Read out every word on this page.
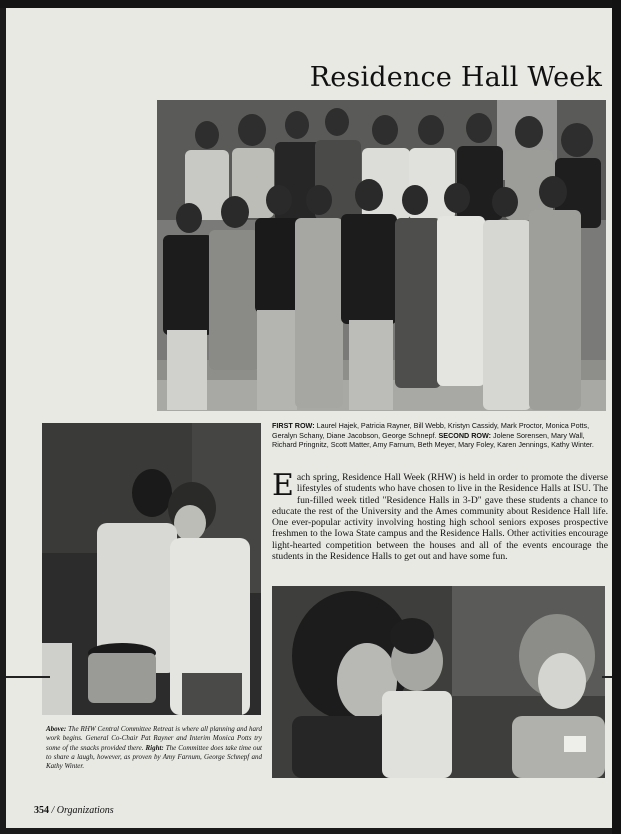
Residence Hall Week
FIRST ROW: Laurel Hajek, Patricia Rayner, Bill Webb, Kristyn Cassidy, Mark Proctor, Monica Potts, Geralyn Schany, Diane Jacobson, George Schnepf. SECOND ROW: Jolene Sorensen, Mary Wall, Richard Pringnitz, Scott Matter, Amy Farnum, Beth Meyer, Mary Foley, Karen Jennings, Kathy Winter.
Each spring, Residence Hall Week (RHW) is held in order to promote the diverse lifestyles of students who have chosen to live in the Residence Halls at ISU. The fun-filled week titled "Residence Halls in 3-D" gave these students a chance to educate the rest of the University and the Ames community about Residence Hall life. One ever-popular activity involving hosting high school seniors exposes prospective freshmen to the Iowa State campus and the Residence Halls. Other activities encourage light-hearted competition between the houses and all of the events encourage the students in the Residence Halls to get out and have some fun.
Above: The RHW Central Committee Retreat is where all planning and hard work begins. General Co-Chair Pat Rayner and Interim Monica Potts try some of the snacks provided there. Right: The Committee does take time out to share a laugh, however, as proven by Amy Farnum, George Schnepf and Kathy Winter.
354 / Organizations
